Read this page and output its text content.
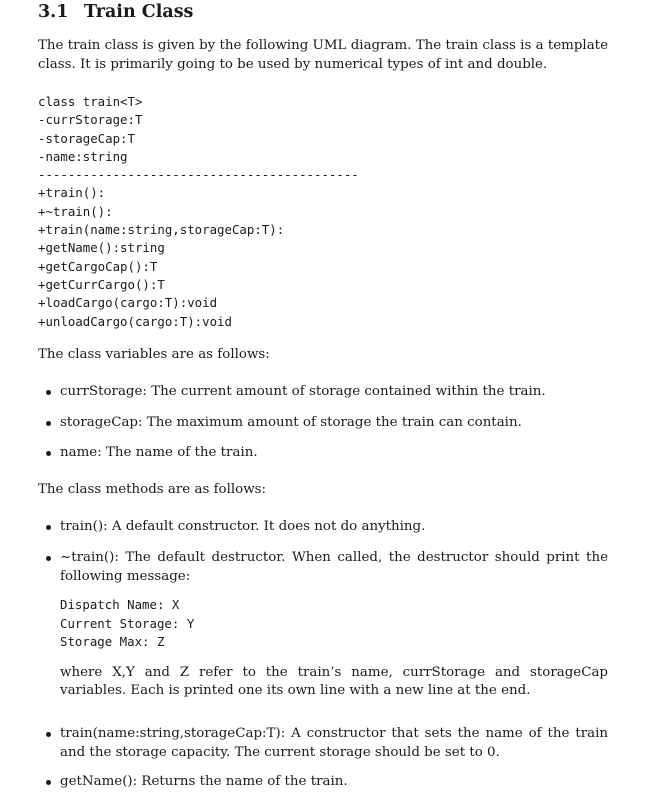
3.1 Train Class

The train class is given by the following UML diagram. The train class is a template class. It is primarily going to be used by numerical types of int and double.

class train<T>
-currStorage:T
-storageCap:T
-name:string
-------------------------------------------
+train():
+~train():
+train(name:string,storageCap:T):
+getName():string
+getCargoCap():T
+getCurrCargo():T
+loadCargo(cargo:T):void
+unloadCargo(cargo:T):void

The class variables are as follows:

currStorage: The current amount of storage contained within the train.

storageCap: The maximum amount of storage the train can contain.

name: The name of the train.

The class methods are as follows:

train(): A default constructor. It does not do anything.

~train(): The default destructor. When called, the destructor should print the following message:

Dispatch Name: X
Current Storage: Y
Storage Max: Z

where X,Y and Z refer to the train’s name, currStorage and storageCap variables. Each is printed one its own line with a new line at the end.

train(name:string,storageCap:T): A constructor that sets the name of the train and the storage capacity. The current storage should be set to 0.

getName(): Returns the name of the train.
